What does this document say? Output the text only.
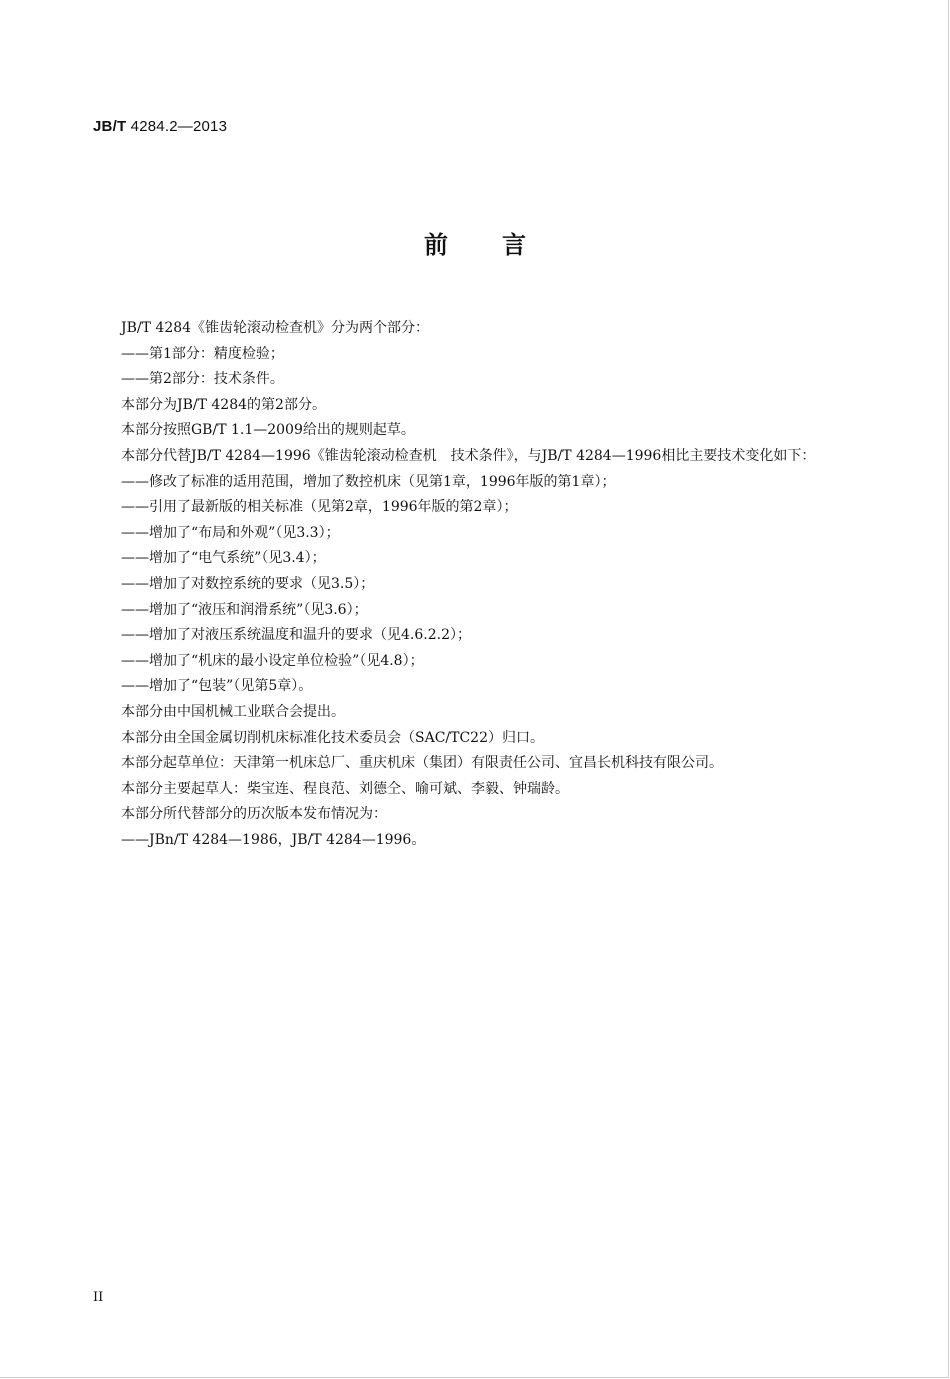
JB/T 4284.2—2013
前言
JB/T 4284《锥齿轮滚动检查机》分为两个部分：
——第1部分：精度检验；
——第2部分：技术条件。
本部分为JB/T 4284的第2部分。
本部分按照GB/T 1.1—2009给出的规则起草。
本部分代替JB/T 4284—1996《锥齿轮滚动检查机　技术条件》，与JB/T 4284—1996相比主要技术变化如下：
——修改了标准的适用范围，增加了数控机床（见第1章，1996年版的第1章）；
——引用了最新版的相关标准（见第2章，1996年版的第2章）；
——增加了“布局和外观”（见3.3）；
——增加了“电气系统”（见3.4）；
——增加了对数控系统的要求（见3.5）；
——增加了“液压和润滑系统”（见3.6）；
——增加了对液压系统温度和温升的要求（见4.6.2.2）；
——增加了“机床的最小设定单位检验”（见4.8）；
——增加了“包装”（见第5章）。
本部分由中国机械工业联合会提出。
本部分由全国金属切削机床标准化技术委员会（SAC/TC22）归口。
本部分起草单位：天津第一机床总厂、重庆机床（集团）有限责任公司、宜昌长机科技有限公司。
本部分主要起草人：柴宝连、程良范、刘德仝、喻可斌、李毅、钟瑞龄。
本部分所代替部分的历次版本发布情况为：
——JBn/T 4284—1986，JB/T 4284—1996。
II
